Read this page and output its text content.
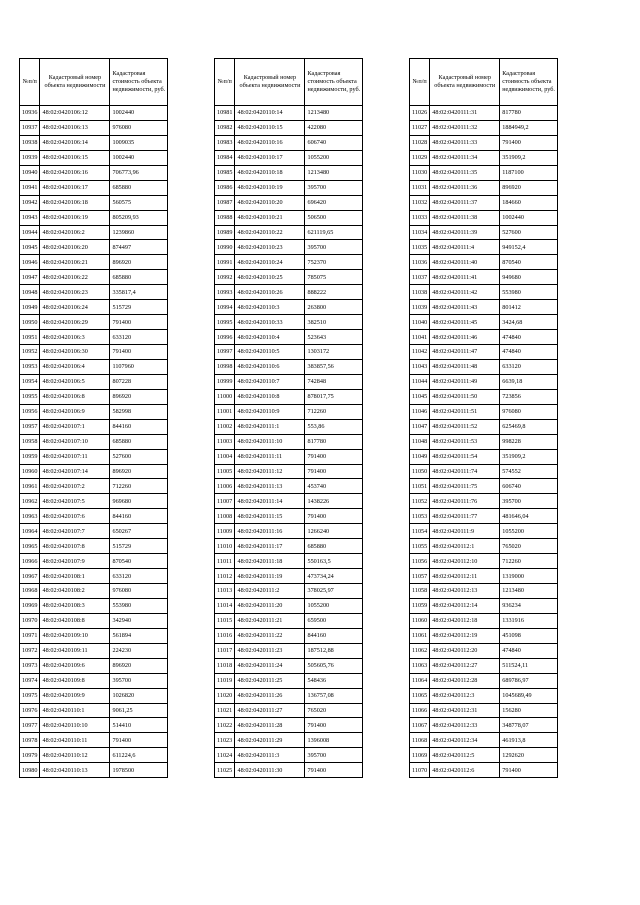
№п/п	Кадастровый номер объекта недвижимости	Кадастровая стоимость объекта недвижимости, руб.
10936	48:02:0420106:12	1002440
10937	48:02:0420106:13	976080
10938	48:02:0420106:14	1009035
10939	48:02:0420106:15	1002440
10940	48:02:0420106:16	706773,96
10941	48:02:0420106:17	685880
10942	48:02:0420106:18	560575
10943	48:02:0420106:19	805209,93
10944	48:02:0420106:2	1239860
10945	48:02:0420106:20	874497
10946	48:02:0420106:21	896920
10947	48:02:0420106:22	685880
10948	48:02:0420106:23	335817,4
10949	48:02:0420106:24	515729
10950	48:02:0420106:29	791400
10951	48:02:0420106:3	633120
10952	48:02:0420106:30	791400
10953	48:02:0420106:4	1107960
10954	48:02:0420106:5	807228
10955	48:02:0420106:8	896920
10956	48:02:0420106:9	582998
10957	48:02:0420107:1	844160
10958	48:02:0420107:10	685880
10959	48:02:0420107:11	527600
10960	48:02:0420107:14	896920
10961	48:02:0420107:2	712260
10962	48:02:0420107:5	969680
10963	48:02:0420107:6	844160
10964	48:02:0420107:7	650267
10965	48:02:0420107:8	515729
10966	48:02:0420107:9	870540
10967	48:02:0420108:1	633120
10968	48:02:0420108:2	976080
10969	48:02:0420108:3	553980
10970	48:02:0420108:8	342940
10971	48:02:0420109:10	561894
10972	48:02:0420109:11	224230
10973	48:02:0420109:6	896920
10974	48:02:0420109:8	395700
10975	48:02:0420109:9	1026820
10976	48:02:0420110:1	9061,25
10977	48:02:0420110:10	514410
10978	48:02:0420110:11	791400
10979	48:02:0420110:12	611224,6
10980	48:02:0420110:13	1978500
№п/п	Кадастровый номер объекта недвижимости	Кадастровая стоимость объекта недвижимости, руб.
10981	48:02:0420110:14	1213480
10982	48:02:0420110:15	422080
10983	48:02:0420110:16	606740
10984	48:02:0420110:17	1055200
10985	48:02:0420110:18	1213480
10986	48:02:0420110:19	395700
10987	48:02:0420110:20	696420
10988	48:02:0420110:21	506500
10989	48:02:0420110:22	621119,65
10990	48:02:0420110:23	395700
10991	48:02:0420110:24	752370
10992	48:02:0420110:25	785075
10993	48:02:0420110:26	888222
10994	48:02:0420110:3	263800
10995	48:02:0420110:33	382510
10996	48:02:0420110:4	523643
10997	48:02:0420110:5	1303172
10998	48:02:0420110:6	383857,56
10999	48:02:0420110:7	742848
11000	48:02:0420110:8	878017,75
11001	48:02:0420110:9	712260
11002	48:02:0420111:1	553,86
11003	48:02:0420111:10	817780
11004	48:02:0420111:11	791400
11005	48:02:0420111:12	791400
11006	48:02:0420111:13	453740
11007	48:02:0420111:14	1438226
11008	48:02:0420111:15	791400
11009	48:02:0420111:16	1266240
11010	48:02:0420111:17	685880
11011	48:02:0420111:18	550163,5
11012	48:02:0420111:19	473734,24
11013	48:02:0420111:2	378025,97
11014	48:02:0420111:20	1055200
11015	48:02:0420111:21	659500
11016	48:02:0420111:22	844160
11017	48:02:0420111:23	187512,88
11018	48:02:0420111:24	505605,76
11019	48:02:0420111:25	548436
11020	48:02:0420111:26	136757,08
11021	48:02:0420111:27	765020
11022	48:02:0420111:28	791400
11023	48:02:0420111:29	1396008
11024	48:02:0420111:3	395700
11025	48:02:0420111:30	791400
№п/п	Кадастровый номер объекта недвижимости	Кадастровая стоимость объекта недвижимости, руб.
11026	48:02:0420111:31	817780
11027	48:02:0420111:32	1884949,2
11028	48:02:0420111:33	791400
11029	48:02:0420111:34	351909,2
11030	48:02:0420111:35	1187100
11031	48:02:0420111:36	896920
11032	48:02:0420111:37	184660
11033	48:02:0420111:38	1002440
11034	48:02:0420111:39	527600
11035	48:02:0420111:4	949152,4
11036	48:02:0420111:40	870540
11037	48:02:0420111:41	949680
11038	48:02:0420111:42	553980
11039	48:02:0420111:43	801412
11040	48:02:0420111:45	3424,68
11041	48:02:0420111:46	474840
11042	48:02:0420111:47	474840
11043	48:02:0420111:48	633120
11044	48:02:0420111:49	6639,18
11045	48:02:0420111:50	723856
11046	48:02:0420111:51	976080
11047	48:02:0420111:52	625469,8
11048	48:02:0420111:53	998228
11049	48:02:0420111:54	351909,2
11050	48:02:0420111:74	574552
11051	48:02:0420111:75	606740
11052	48:02:0420111:76	395700
11053	48:02:0420111:77	481646,04
11054	48:02:0420111:9	1055200
11055	48:02:0420112:1	765020
11056	48:02:0420112:10	712260
11057	48:02:0420112:11	1319000
11058	48:02:0420112:13	1213480
11059	48:02:0420112:14	936234
11060	48:02:0420112:18	1331916
11061	48:02:0420112:19	451098
11062	48:02:0420112:20	474840
11063	48:02:0420112:27	511524,11
11064	48:02:0420112:28	689786,97
11065	48:02:0420112:3	1045689,49
11066	48:02:0420112:31	156280
11067	48:02:0420112:33	348778,07
11068	48:02:0420112:34	461913,8
11069	48:02:0420112:5	1292620
11070	48:02:0420112:6	791400
